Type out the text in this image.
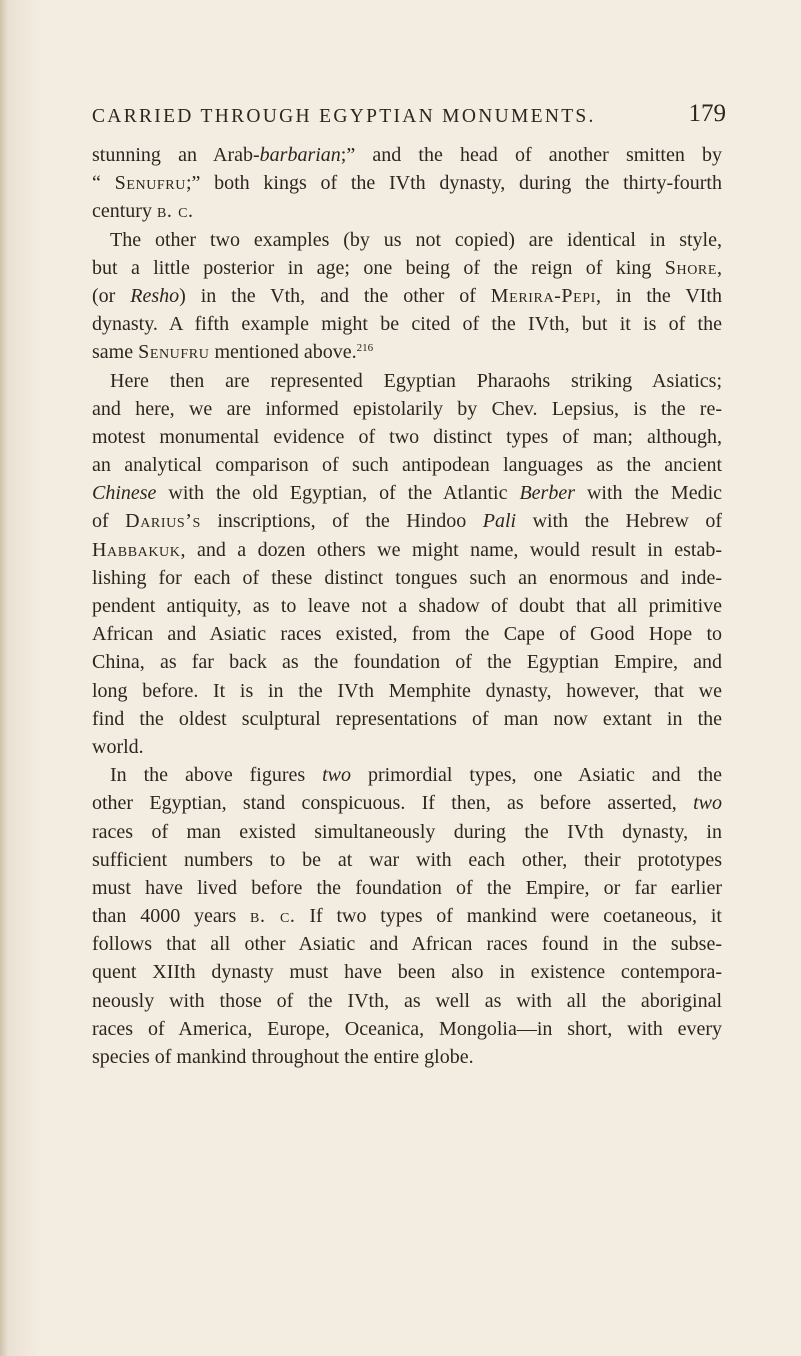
CARRIED THROUGH EGYPTIAN MONUMENTS.	179
stunning an Arab-barbarian;” and the head of another smitten by
“ Senufru;” both kings of the IVth dynasty, during the thirty-fourth
century b. c.
The other two examples (by us not copied) are identical in style,
but a little posterior in age; one being of the reign of king Shore,
(or Resho) in the Vth, and the other of Merira-Pepi, in the VIth
dynasty. A fifth example might be cited of the IVth, but it is of the
same Senufru mentioned above.$^{216}$
Here then are represented Egyptian Pharaohs striking Asiatics;
and here, we are informed epistolarily by Chev. Lepsius, is the re-
motest monumental evidence of two distinct types of man; although,
an analytical comparison of such antipodean languages as the ancient
Chinese with the old Egyptian, of the Atlantic Berber with the Medic
of Darius’s inscriptions, of the Hindoo Pali with the Hebrew of
Habbakuk, and a dozen others we might name, would result in estab-
lishing for each of these distinct tongues such an enormous and inde-
pendent antiquity, as to leave not a shadow of doubt that all primitive
African and Asiatic races existed, from the Cape of Good Hope to
China, as far back as the foundation of the Egyptian Empire, and
long before. It is in the IVth Memphite dynasty, however, that we
find the oldest sculptural representations of man now extant in the
world.
In the above figures two primordial types, one Asiatic and the
other Egyptian, stand conspicuous. If then, as before asserted, two
races of man existed simultaneously during the IVth dynasty, in
sufficient numbers to be at war with each other, their prototypes
must have lived before the foundation of the Empire, or far earlier
than 4000 years b. c. If two types of mankind were coetaneous, it
follows that all other Asiatic and African races found in the subse-
quent XIIth dynasty must have been also in existence contempora-
neously with those of the IVth, as well as with all the aboriginal
races of America, Europe, Oceanica, Mongolia—in short, with every
species of mankind throughout the entire globe.
